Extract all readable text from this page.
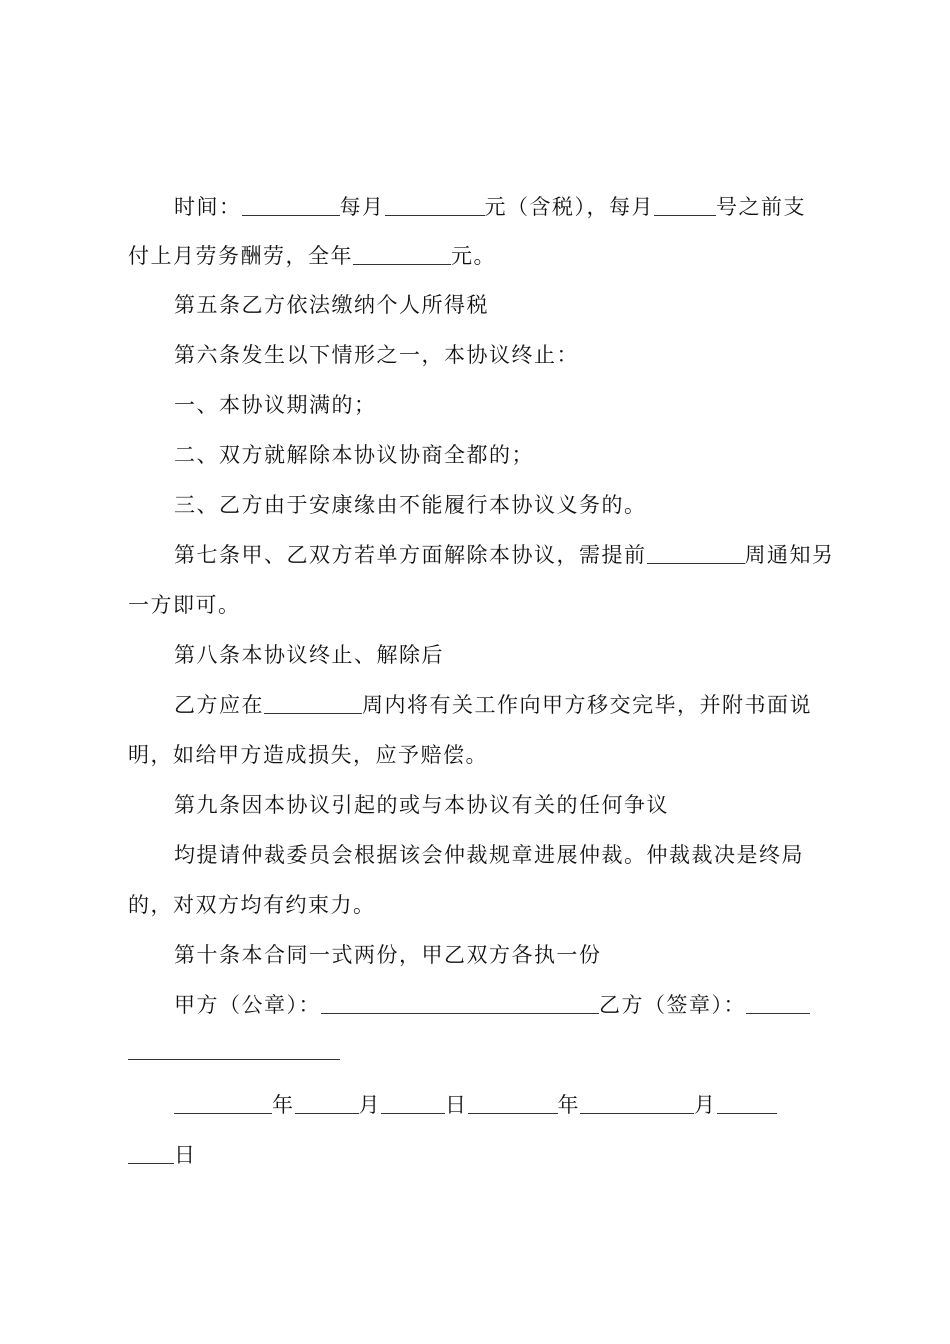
时间：	每月	元（含税），每月	号之前支
付上月劳务酬劳，全年	元。
第五条乙方依法缴纳个人所得税
第六条发生以下情形之一，本协议终止：
一、本协议期满的；
二、双方就解除本协议协商全都的；
三、乙方由于安康缘由不能履行本协议义务的。
第七条甲、乙双方若单方面解除本协议，需提前	周通知另
一方即可。
第八条本协议终止、解除后
乙方应在	周内将有关工作向甲方移交完毕，并附书面说
明，如给甲方造成损失，应予赔偿。
第九条因本协议引起的或与本协议有关的任何争议
均提请仲裁委员会根据该会仲裁规章进展仲裁。仲裁裁决是终局
的，对双方均有约束力。
第十条本合同一式两份，甲乙双方各执一份
甲方（公章）：	乙方（签章）：
年	月	日	年	月
日
